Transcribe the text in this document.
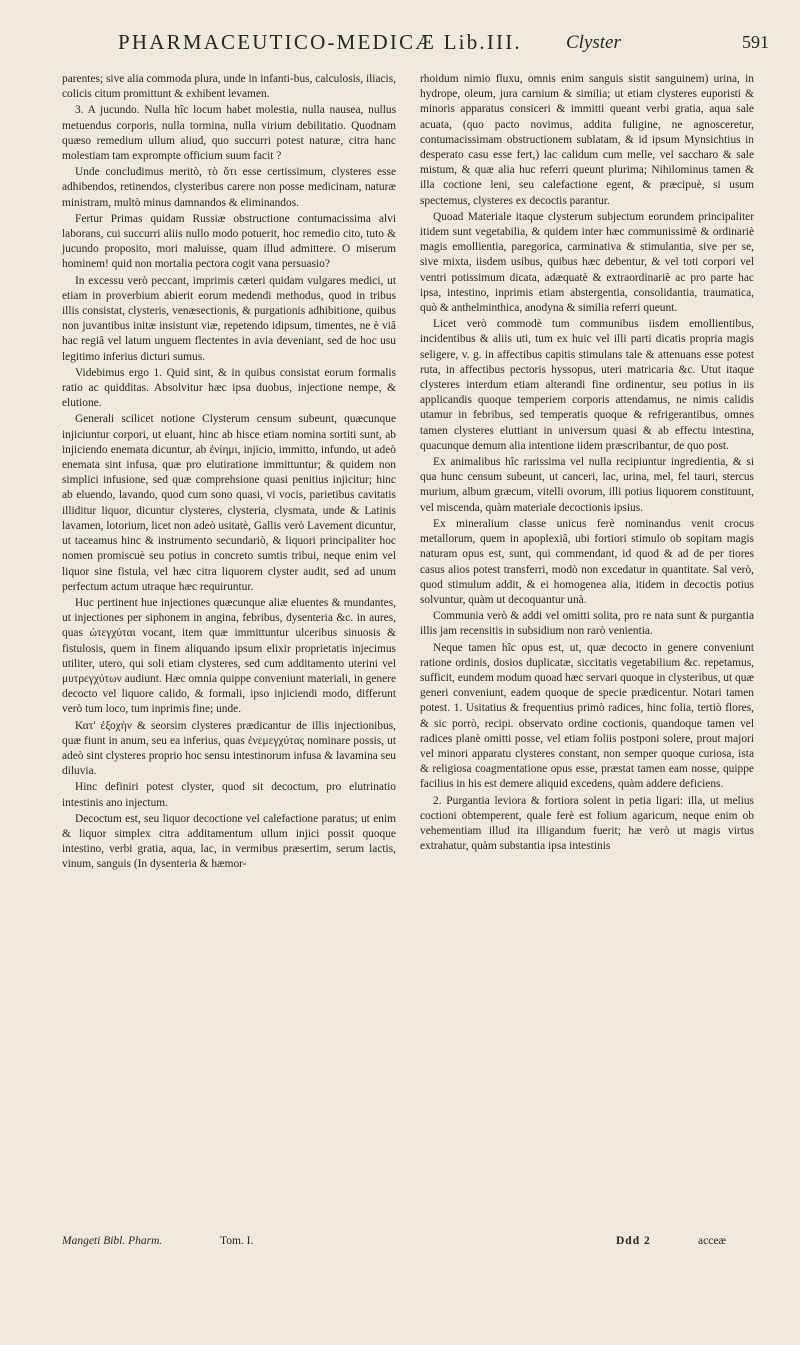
PHARMACEUTICO-MEDICÆ Lib.III. Clyster	591

parentes; sive alia commoda plura, unde in infanti-bus, calculosis, iliacis, colicis citum promittunt & exhibent levamen.

3. A jucundo. Nulla hîc locum habet molestia, nulla nausea, nullus metuendus corporis, nulla tormina, nulla virium debilitatio. Quodnam quæso remedium ullum aliud, quo succurri potest naturæ, citra hanc molestiam tam exprompte officium suum facit ?

Unde concludimus meritò, τὸ ὅτι esse certissimum, clysteres esse adhibendos, retinendos, clysteribus carere non posse medicinam, naturæ ministram, multò minus damnandos & eliminandos.

Fertur Primas quidam Russiæ obstructione contumacissima alvi laborans, cui succurri aliis nullo modo potuerit, hoc remedio cito, tuto & jucundo proposito, mori maluisse, quam illud admittere. O miserum hominem! quid non mortalia pectora cogit vana persuasio?

In excessu verò peccant, imprimis cæteri quidam vulgares medici, ut etiam in proverbium abierit eorum medendi methodus, quod in tribus illis consistat, clysteris, venæsectionis, & purgationis adhibitione, quibus non juvantibus initæ insistunt viæ, repetendo idipsum, timentes, ne è viâ hac regiâ vel latum unguem flectentes in avia deveniant, sed de hoc usu legitimo inferius dicturi sumus.

Videbimus ergo 1. Quid sint, & in quibus consistat eorum formalis ratio ac quidditas. Absolvitur hæc ipsa duobus, injectione nempe, & elutione.

Generali scilicet notione Clysterum censum subeunt, quæcunque injiciuntur corpori, ut eluant, hinc ab hisce etiam nomina sortiti sunt, ab injiciendo enemata dicuntur, ab ἐνίημι, injicio, immitto, infundo, ut adeò enemata sint infusa, quæ pro elutiratione immittuntur; & quidem non simplici infusione, sed quæ comprehsione quasi penitius injicitur; hinc ab eluendo, lavando, quod cum sono quasi, vi vocis, parietibus cavitatis illiditur liquor, dicuntur clysteres, clysteria, clysmata, unde & Latinis lavamen, lotorium, licet non adeò usitatè, Gallis verò Lavement dicuntur, ut taceamus hinc & instrumento secundariò, & liquori principaliter hoc nomen promiscuè seu potius in concreto sumtis tribui, neque enim vel liquor sine fistula, vel hæc citra liquorem clyster audit, sed ad unum perfectum actum utraque hæc requiruntur.

Huc pertinent hue injectiones quæcunque aliæ eluentes & mundantes, ut injectiones per siphonem in angina, febribus, dysenteria &c. in aures, quas ὠτεγχύται vocant, item quæ immittuntur ulceribus sinuosis & fistulosis, quem in finem aliquando ipsum elixir proprietatis injecimus utiliter, utero, qui soli etiam clysteres, sed cum additamento uterini vel μυτρεγχύτων audiunt. Hæc omnia quippe conveniunt materiali, in genere decocto vel liquore calido, & formali, ipso injiciendi modo, differunt verò tum loco, tum inprimis fine; unde.

Κατ' ἐξοχὴν & seorsim clysteres prædicantur de illis injectionibus, quæ fiunt in anum, seu ea inferius, quas ἐνεμεγχύτας nominare possis, ut adeò sint clysteres proprio hoc sensu intestinorum infusa & lavamina seu diluvia.

Hinc definiri potest clyster, quod sit decoctum, pro elutrinatio intestinis ano injectum.

Decoctum est, seu liquor decoctione vel calefactione paratus; ut enim & liquor simplex citra additamentum ullum injici possit quoque intestino, verbi gratia, aqua, lac, in vermibus præsertim, serum lactis, vinum, sanguis (In dysenteria & hæmor-

rhoidum nimio fluxu, omnis enim sanguis sistit sanguinem) urina, in hydrope, oleum, jura carnium & similia; ut etiam clysteres euporisti & minoris apparatus consiceri & immitti queant verbi gratia, aqua sale acuata, (quo pacto novimus, addita fuligine, ne agnosceretur, contumacissimam obstructionem sublatam, & id ipsum Mynsichtius in desperato casu esse fert,) lac calidum cum melle, vel saccharo & sale mistum, & quæ alia huc referri queunt plurima; Nihilominus tamen & illa coctione leni, seu calefactione egent, & præcipuè, si usum spectemus, clysteres ex decoctis parantur.

Quoad Materiale itaque clysterum subjectum eorundem principaliter itidem sunt vegetabilia, & quidem inter hæc communissimè & ordinariè magis emollientia, paregorica, carminativa & stimulantia, sive per se, sive mixta, iisdem usibus, quibus hæc debentur, & vel toti corpori vel ventri potissimum dicata, adæquatè & extraordinariè ac pro parte hac ipsa, intestino, inprimis etiam abstergentia, consolidantia, traumatica, quò & anthelminthica, anodyna & similia referri queunt.

Licet verò commodè tum communibus iisdem emollientibus, incidentibus & aliis uti, tum ex huic vel illi parti dicatis propria magis seligere, v. g. in affectibus capitis stimulans tale & attenuans esse potest ruta, in affectibus pectoris hyssopus, uteri matricaria &c. Utut itaque clysteres interdum etiam alterandi fine ordinentur, seu potius in iis applicandis quoque temperiem corporis attendamus, ne nimis calidis utamur in febribus, sed temperatis quoque & refrigerantibus, omnes tamen clysteres eluttiant in universum quasi & ab effectu intestina, quacunque demum alia intentione iidem præscribantur, de quo post.

Ex animalibus hîc rarissima vel nulla recipiuntur ingredientia, & si qua hunc censum subeunt, ut canceri, lac, urina, mel, fel tauri, stercus murium, album græcum, vitelli ovorum, illi potius liquorem constituunt, vel miscenda, quàm materiale decoctionis ipsius.

Ex mineralium classe unicus ferè nominandus venit crocus metallorum, quem in apoplexiâ, ubi fortiori stimulo ob sopitam magis naturam opus est, sunt, qui commendant, id quod & ad de per tiores casus alios potest transferri, modò non excedatur in quantitate. Sal verò, quod stimulum addit, & ei homogenea alia, itidem in decoctis potius solvuntur, quàm ut decoquantur unà.

Communia verò & addi vel omitti solita, pro re nata sunt & purgantia illis jam recensitis in subsidium non rarò venientia.

Neque tamen hîc opus est, ut, quæ decocto in genere conveniunt ratione ordinis, dosios duplicatæ, siccitatis vegetabilium &c. repetamus, sufficit, eundem modum quoad hæc servari quoque in clysteribus, ut quæ generi conveniunt, eadem quoque de specie prædicentur. Notari tamen potest. 1. Usitatius & frequentius primò radices, hinc folia, tertiò flores, & sic porrò, recipi. observato ordine coctionis, quandoque tamen vel radices planè omitti posse, vel etiam foliis postponi solere, prout majori vel minori apparatu clysteres constant, non semper quoque curiosa, ista & religiosa coagmentatione opus esse, præstat tamen eam nosse, quippe facilius in his est demere aliquid excedens, quàm addere deficiens.

2. Purgantia leviora & fortiora solent in petia ligari: illa, ut melius coctioni obtemperent, quale ferè est folium agaricum, neque enim ob vehementiam illud ita illigandum fuerit; hæ verò ut magis virtus extrahatur, quàm substantia ipsa intestinis

Mangeti Bibl. Pharm.	Tom. I.	Ddd 2	acceæ
